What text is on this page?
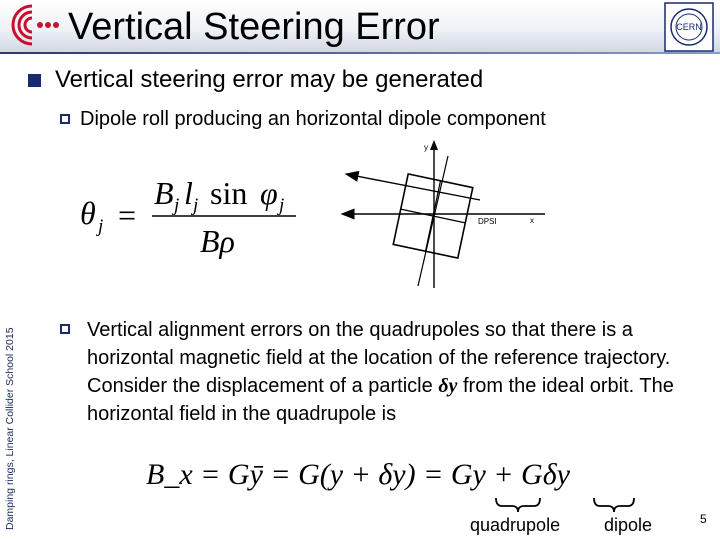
Vertical Steering Error	CERN
Damping rings, Linear Collider School 2015
Vertical steering error may be generated
Dipole roll producing an horizontal dipole component
θ j =
B j l j sin φ j
Bρ
y
x
DPSI
Vertical alignment errors on the quadrupoles so that there is a horizontal magnetic field at the location of the reference trajectory. Consider the displacement of a particle δy from the ideal orbit. The horizontal field in the quadrupole is
B_x = Gȳ = G(y + δy) = Gy + Gδy
quadrupole dipole	5
